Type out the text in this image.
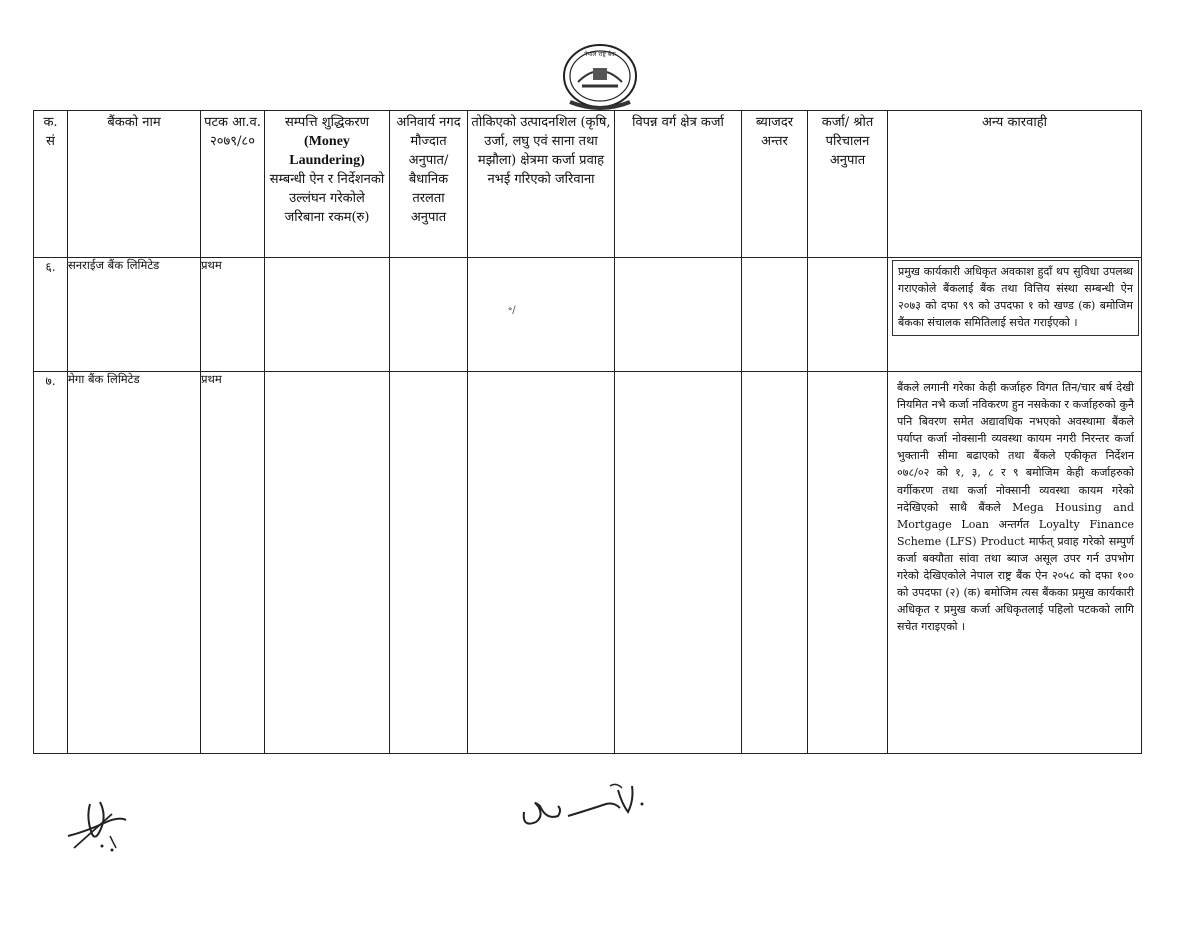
नेपाल राष्ट्र बैंक
क. सं	बैंकको नाम	पटक आ.व. २०७९/८०	सम्पत्ति शुद्धिकरण
(Money Laundering)
सम्बन्धी ऐन र निर्देशनको उल्लंघन गरेकोले जरिबाना रकम(रु)	अनिवार्य नगद मौज्दात अनुपात/ बैधानिक तरलता अनुपात	तोकिएको उत्पादनशिल (कृषि, उर्जा, लघु एवं साना तथा मझौला) क्षेत्रमा कर्जा प्रवाह नभई गरिएको जरिवाना	विपन्न वर्ग क्षेत्र कर्जा	ब्याजदर अन्तर	कर्जा/ श्रोत परिचालन अनुपात	अन्य कारवाही
६.	सनराईज बैंक लिमिटेड	प्रथम							प्रमुख कार्यकारी अधिकृत अवकाश हुदाँ थप सुविधा उपलब्ध गराएकोले बैंकलाई बैंक तथा वित्तिय संस्था सम्बन्धी ऐन २०७३ को दफा ९९ को उपदफा १ को खण्ड (क) बमोजिम बैंकका संचालक समितिलाई सचेत गराईएको ।

७.	मेगा बैंक लिमिटेड	प्रथम							बैंकले लगानी गरेका केही कर्जाहरु विगत तिन/चार बर्ष देखी नियमित नभै कर्जा नविकरण हुन नसकेका र कर्जाहरुको कुनै पनि बिवरण समेत अद्यावधिक नभएको अवस्थामा बैंकले पर्याप्त कर्जा नोक्सानी व्यवस्था कायम नगरी निरन्तर कर्जा भुक्तानी सीमा बढाएको तथा बैंकले एकीकृत निर्देशन ०७८/०२ को १, ३, ८ र ९ बमोजिम केही कर्जाहरुको वर्गीकरण तथा कर्जा नोक्सानी व्यवस्था कायम गरेको नदेखिएको साथै बैंकले Mega Housing and Mortgage Loan अन्तर्गत Loyalty Finance Scheme (LFS) Product मार्फत् प्रवाह गरेको सम्पुर्ण कर्जा बक्यौता सांवा तथा ब्याज असूल उपर गर्न उपभोग गरेको देखिएकोले नेपाल राष्ट्र बैंक ऐन २०५८ को दफा १०० को उपदफा (२) (क) बमोजिम त्यस बैंकका प्रमुख कार्यकारी अधिकृत र प्रमुख कर्जा अधिकृतलाई पहिलो पटकको लागि सचेत गराइएको ।
॰/
